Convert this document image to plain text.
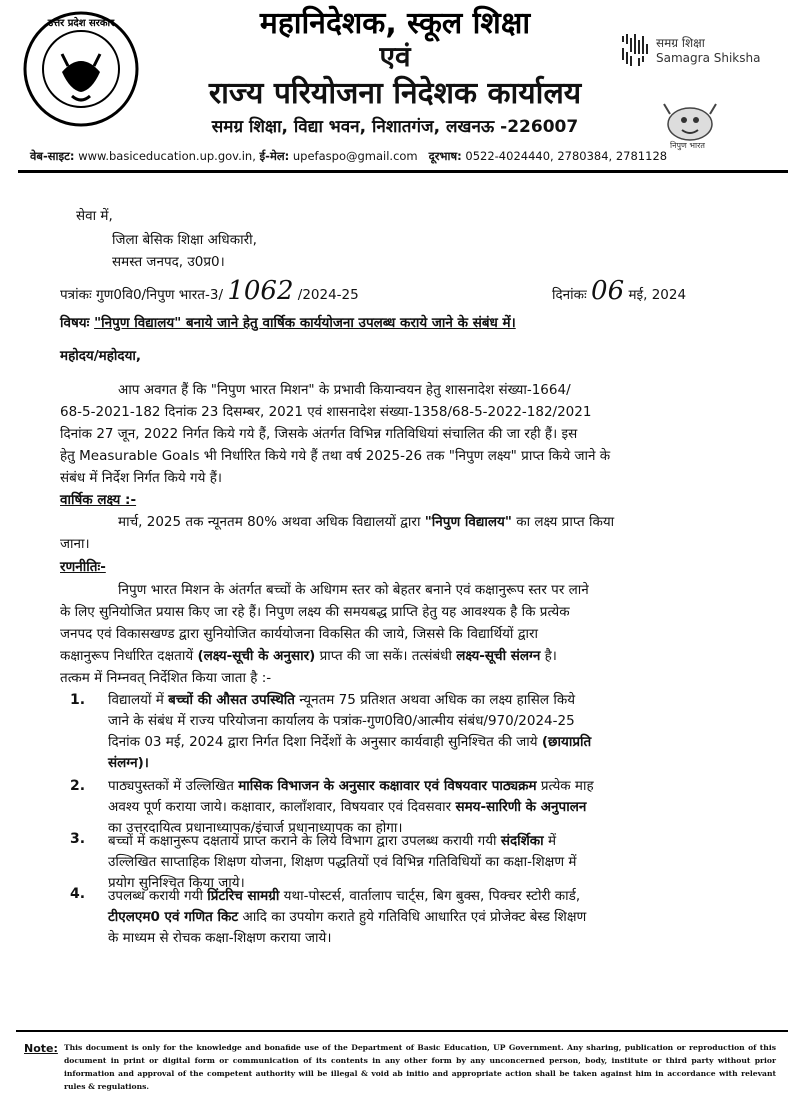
उत्तर प्रदेश सरकार	महानिदेशक, स्कूल शिक्षा
एवं
राज्य परियोजना निदेशक कार्यालय
समग्र शिक्षा, विद्या भवन, निशातगंज, लखनऊ -226007
समग्र शिक्षा
Samagra Shiksha
निपुण भारत
वेब-साइट: www.basiceducation.up.gov.in, ई-मेल: upefaspo@gmail.com दूरभाष: 0522-4024440, 2780384, 2781128
सेवा में,
जिला बेसिक शिक्षा अधिकारी,
समस्त जनपद, उ0प्र0।
पत्रांकः गुण0वि0/निपुण भारत-3/ 1062 /2024-25	दिनांकः 06 मई, 2024
विषयः "निपुण विद्यालय" बनाये जाने हेतु वार्षिक कार्ययोजना उपलब्ध कराये जाने के संबंध में।
महोदय/महोदया,
आप अवगत हैं कि "निपुण भारत मिशन" के प्रभावी कियान्वयन हेतु शासनादेश संख्या-1664/
68-5-2021-182 दिनांक 23 दिसम्बर, 2021 एवं शासनादेश संख्या-1358/68-5-2022-182/2021
दिनांक 27 जून, 2022 निर्गत किये गये हैं, जिसके अंतर्गत विभिन्न गतिविधियां संचालित की जा रही हैं। इस
हेतु Measurable Goals भी निर्धारित किये गये हैं तथा वर्ष 2025-26 तक "निपुण लक्ष्य" प्राप्त किये जाने के
संबंध में निर्देश निर्गत किये गये हैं।
वार्षिक लक्ष्य :-
मार्च, 2025 तक न्यूनतम 80% अथवा अधिक विद्यालयों द्वारा "निपुण विद्यालय" का लक्ष्य प्राप्त किया
जाना।
रणनीतिः-
निपुण भारत मिशन के अंतर्गत बच्चों के अधिगम स्तर को बेहतर बनाने एवं कक्षानुरूप स्तर पर लाने
के लिए सुनियोजित प्रयास किए जा रहे हैं। निपुण लक्ष्य की समयबद्ध प्राप्ति हेतु यह आवश्यक है कि प्रत्येक
जनपद एवं विकासखण्ड द्वारा सुनियोजित कार्ययोजना विकसित की जाये, जिससे कि विद्यार्थियों द्वारा
कक्षानुरूप निर्धारित दक्षतायें (लक्ष्य-सूची के अनुसार) प्राप्त की जा सकें। तत्संबंधी लक्ष्य-सूची संलग्न है।
तत्कम में निम्नवत् निर्देशित किया जाता है :-
1. विद्यालयों में बच्चों की औसत उपस्थिति न्यूनतम 75 प्रतिशत अथवा अधिक का लक्ष्य हासिल किये
जाने के संबंध में राज्य परियोजना कार्यालय के पत्रांक-गुण0वि0/आत्मीय संबंध/970/2024-25
दिनांक 03 मई, 2024 द्वारा निर्गत दिशा निर्देशों के अनुसार कार्यवाही सुनिश्चित की जाये (छायाप्रति
संलग्न)।
2. पाठ्यपुस्तकों में उल्लिखित मासिक विभाजन के अनुसार कक्षावार एवं विषयवार पाठ्यक्रम प्रत्येक माह
अवश्य पूर्ण कराया जाये। कक्षावार, कालाँशवार, विषयवार एवं दिवसवार समय-सारिणी के अनुपालन
का उत्तरदायित्व प्रधानाध्यापक/इंचार्ज प्रधानाध्यापक का होगा।
3. बच्चों में कक्षानुरूप दक्षतायें प्राप्त कराने के लिये विभाग द्वारा उपलब्ध करायी गयी संदर्शिका में
उल्लिखित साप्ताहिक शिक्षण योजना, शिक्षण पद्धतियों एवं विभिन्न गतिविधियों का कक्षा-शिक्षण में
प्रयोग सुनिश्चित किया जाये।
4. उपलब्ध करायी गयी प्रिंटरिच सामग्री यथा-पोस्टर्स, वार्तालाप चार्ट्स, बिग बुक्स, पिक्चर स्टोरी कार्ड,
टीएलएम0 एवं गणित किट आदि का उपयोग कराते हुये गतिविधि आधारित एवं प्रोजेक्ट बेस्ड शिक्षण
के माध्यम से रोचक कक्षा-शिक्षण कराया जाये।
Note: This document is only for the knowledge and bonafide use of the Department of Basic Education, UP Government. Any sharing, publication or reproduction of this document in print or digital form or communication of its contents in any other form by any unconcerned person, body, institute or third party without prior information and approval of the competent authority will be illegal & void ab initio and appropriate action shall be taken against him in accordance with relevant rules & regulations.
